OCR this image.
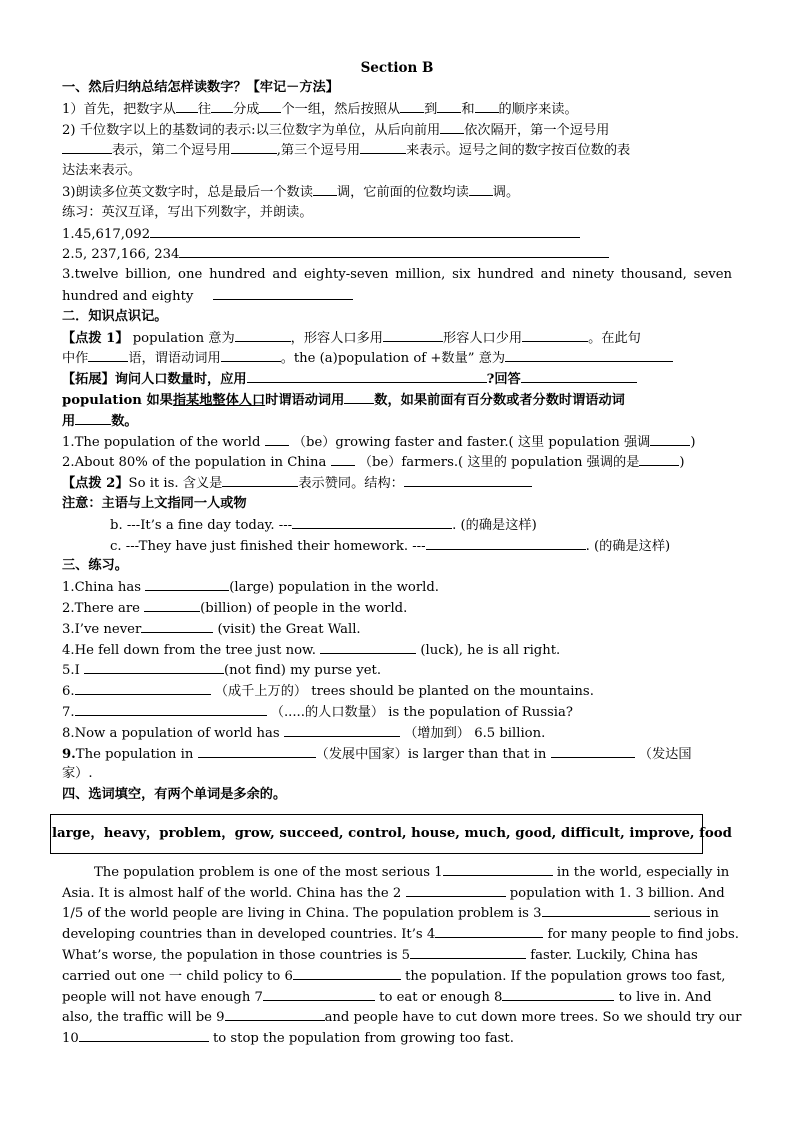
Section B
一、然后归纳总结怎样读数字？【牢记－方法】
1）首先，把数字从 往 分成 个一组，然后按照从 到 和 的顺序来读。
2) 千位数字以上的基数词的表示:以三位数字为单位，从后向前用 依次隔开，第一个逗号用
表示，第二个逗号用	,第三个逗号用	来表示。逗号之间的数字按百位数的表
达法来表示。
3)朗读多位英文数字时，总是最后一个数读 调，它前面的位数均读 调。
练习：英汉互译，写出下列数字，并朗读。
1.45,617,092
2.5, 237,166, 234
3.twelve billion, one hundred and eighty-seven million, six hundred and ninety thousand, seven
hundred and eighty
二．知识点识记。
【点拨 1】 population 意为	，形容人口多用	形容人口少用	。在此句
中作	语，谓语动词用	。the (a)population of +数量” 意为
【拓展】询问人口数量时，应用	?回答
population 如果指某地整体人口时谓语动词用 数，如果前面有百分数或者分数时谓语动词
用	数。
1.The population of the world （be）growing faster and faster.( 这里 population 强调	)
2.About 80% of the population in China （be）farmers.( 这里的 population 强调的是	)
【点拨 2】So it is. 含义是	表示赞同。结构：
注意：主语与上文指同一人或物
b. ---It’s a fine day today. ---	. (的确是这样)
c. ---They have just finished their homework. ---	. (的确是这样)
三、练习。
1.China has	(large) population in the world.
2.There are	(billion) of people in the world.
3.I’ve never	(visit) the Great Wall.
4.He fell down from the tree just now.	(luck), he is all right.
5.I	(not find) my purse yet.
6.	（成千上万的） trees should be planted on the mountains.
7.	（.....的人口数量） is the population of Russia?
8.Now a population of world has	（增加到） 6.5 billion.
9.The population in	（发展中国家）is larger than that in	（发达国
家）.
四、选词填空，有两个单词是多余的。
large，heavy，problem，grow, succeed, control, house, much, good, difficult, improve, food
The population problem is one of the most serious 1	in the world, especially in
Asia. It is almost half of the world. China has the 2	population with 1. 3 billion. And
1/5 of the world people are living in China. The population problem is 3	serious in
developing countries than in developed countries. It’s 4	for many people to find jobs.
What’s worse, the population in those countries is 5	faster. Luckily, China has
carried out one 一 child policy to 6	the population. If the population grows too fast,
people will not have enough 7	to eat or enough 8	to live in. And
also, the traffic will be 9	and people have to cut down more trees. So we should try our
10	to stop the population from growing too fast.
